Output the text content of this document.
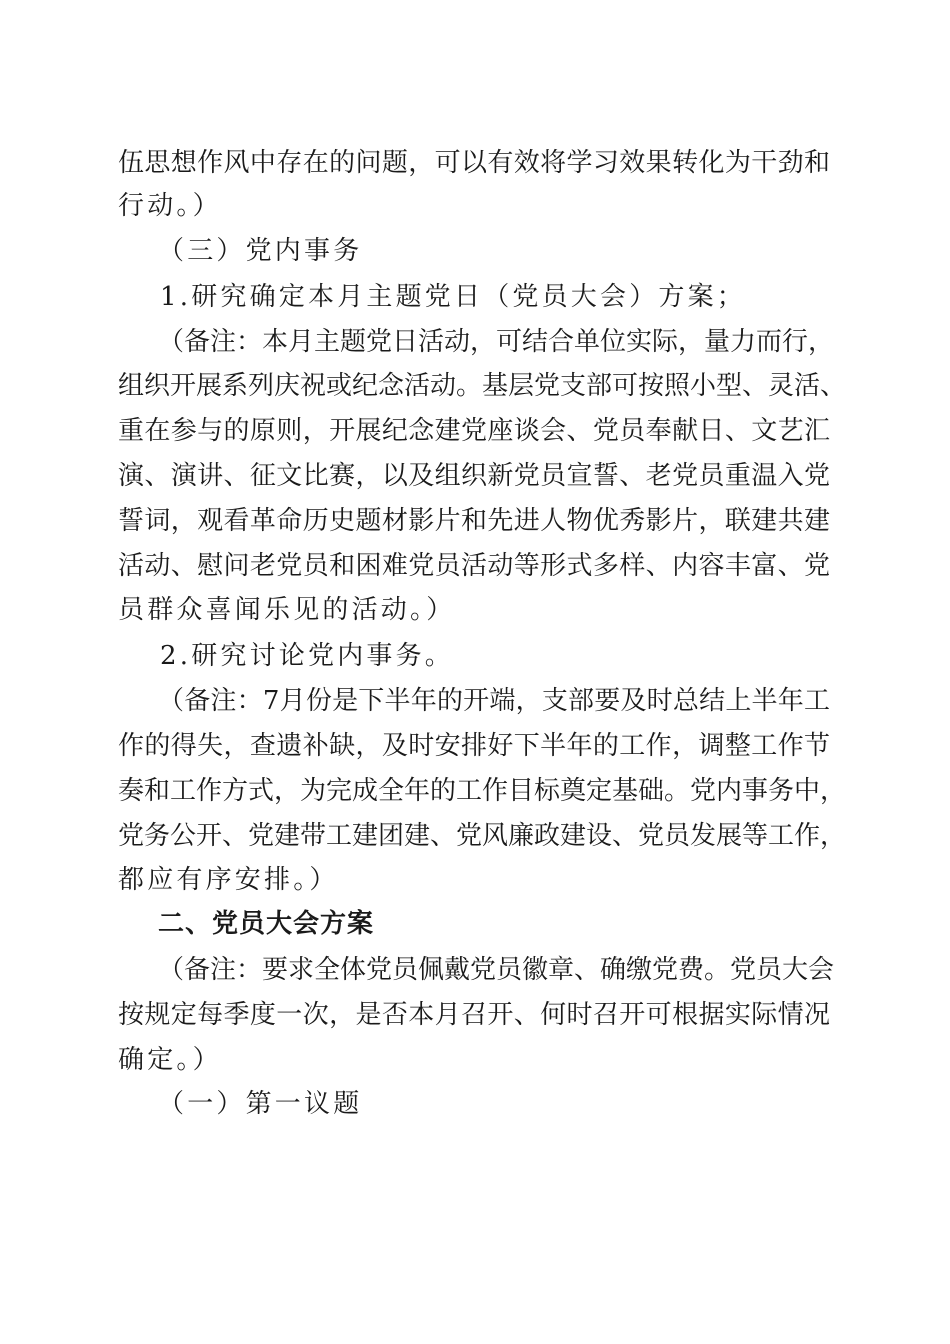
伍思想作风中存在的问题，可以有效将学习效果转化为干劲和
行动。）
（三）党内事务
1.研究确定本月主题党日（党员大会）方案；
（备注：本月主题党日活动，可结合单位实际，量力而行，
组织开展系列庆祝或纪念活动。基层党支部可按照小型、灵活、
重在参与的原则，开展纪念建党座谈会、党员奉献日、文艺汇
演、演讲、征文比赛，以及组织新党员宣誓、老党员重温入党
誓词，观看革命历史题材影片和先进人物优秀影片，联建共建
活动、慰问老党员和困难党员活动等形式多样、内容丰富、党
员群众喜闻乐见的活动。）
2.研究讨论党内事务。
（备注：7月份是下半年的开端，支部要及时总结上半年工
作的得失，查遗补缺，及时安排好下半年的工作，调整工作节
奏和工作方式，为完成全年的工作目标奠定基础。党内事务中，
党务公开、党建带工建团建、党风廉政建设、党员发展等工作，
都应有序安排。）
二、党员大会方案
（备注：要求全体党员佩戴党员徽章、确缴党费。党员大会
按规定每季度一次，是否本月召开、何时召开可根据实际情况
确定。）
（一）第一议题
